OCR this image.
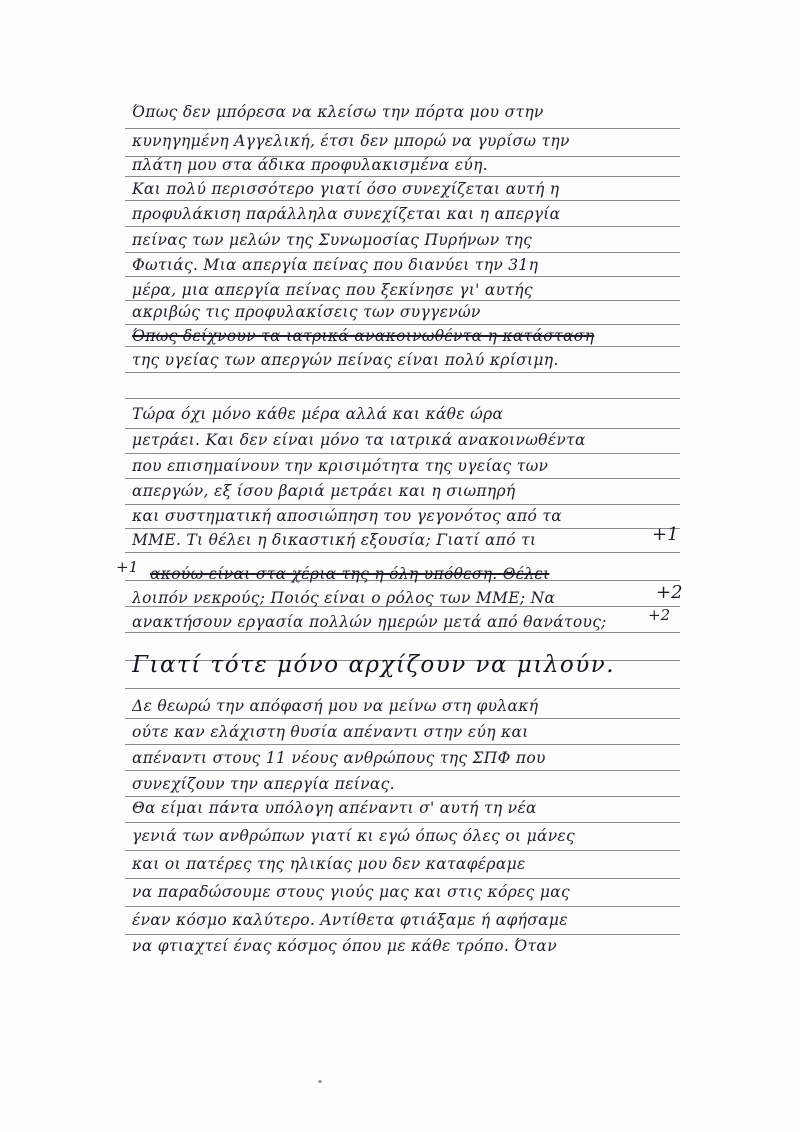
Όπως δεν μπόρεσα να κλείσω την πόρτα μου στην
κυνηγημένη Αγγελική, έτσι δεν μπορώ να γυρίσω την
πλάτη μου στα άδικα προφυλακισμένα εύη.
Και πολύ περισσότερο γιατί όσο συνεχίζεται αυτή η
προφυλάκιση παράλληλα συνεχίζεται και η απεργία
πείνας των μελών της Συνωμοσίας Πυρήνων της
Φωτιάς. Μια απεργία πείνας που διανύει την 31η
μέρα, μια απεργία πείνας που ξεκίνησε γι' αυτής
ακριβώς τις προφυλακίσεις των συγγενών
Όπως δείχνουν τα ιατρικά ανακοινωθέντα η κατάσταση
της υγείας των απεργών πείνας είναι πολύ κρίσιμη.
Τώρα όχι μόνο κάθε μέρα αλλά και κάθε ώρα
μετράει. Και δεν είναι μόνο τα ιατρικά ανακοινωθέντα
που επισημαίνουν την κρισιμότητα της υγείας των
απεργών, εξ ίσου βαριά μετράει και η σιωπηρή
και συστηματική αποσιώπηση του γεγονότος από τα
ΜΜΕ. Τι θέλει η δικαστική εξουσία; Γιατί από τι	+1
ακούω είναι στα χέρια της η όλη υπόθεση. Θέλει
+1
λοιπόν νεκρούς; Ποιός είναι ο ρόλος των ΜΜΕ; Να	+2
ανακτήσουν εργασία πολλών ημερών μετά από θανάτους;	+2
Γιατί τότε μόνο αρχίζουν να μιλούν.
Δε θεωρώ την απόφασή μου να μείνω στη φυλακή
ούτε καν ελάχιστη θυσία απέναντι στην εύη και
απέναντι στους 11 νέους ανθρώπους της ΣΠΦ που
συνεχίζουν την απεργία πείνας.
Θα είμαι πάντα υπόλογη απέναντι σ' αυτή τη νέα
γενιά των ανθρώπων γιατί κι εγώ όπως όλες οι μάνες
και οι πατέρες της ηλικίας μου δεν καταφέραμε
να παραδώσουμε στους γιούς μας και στις κόρες μας
έναν κόσμο καλύτερο. Αντίθετα φτιάξαμε ή αφήσαμε
να φτιαχτεί ένας κόσμος όπου με κάθε τρόπο. Όταν
